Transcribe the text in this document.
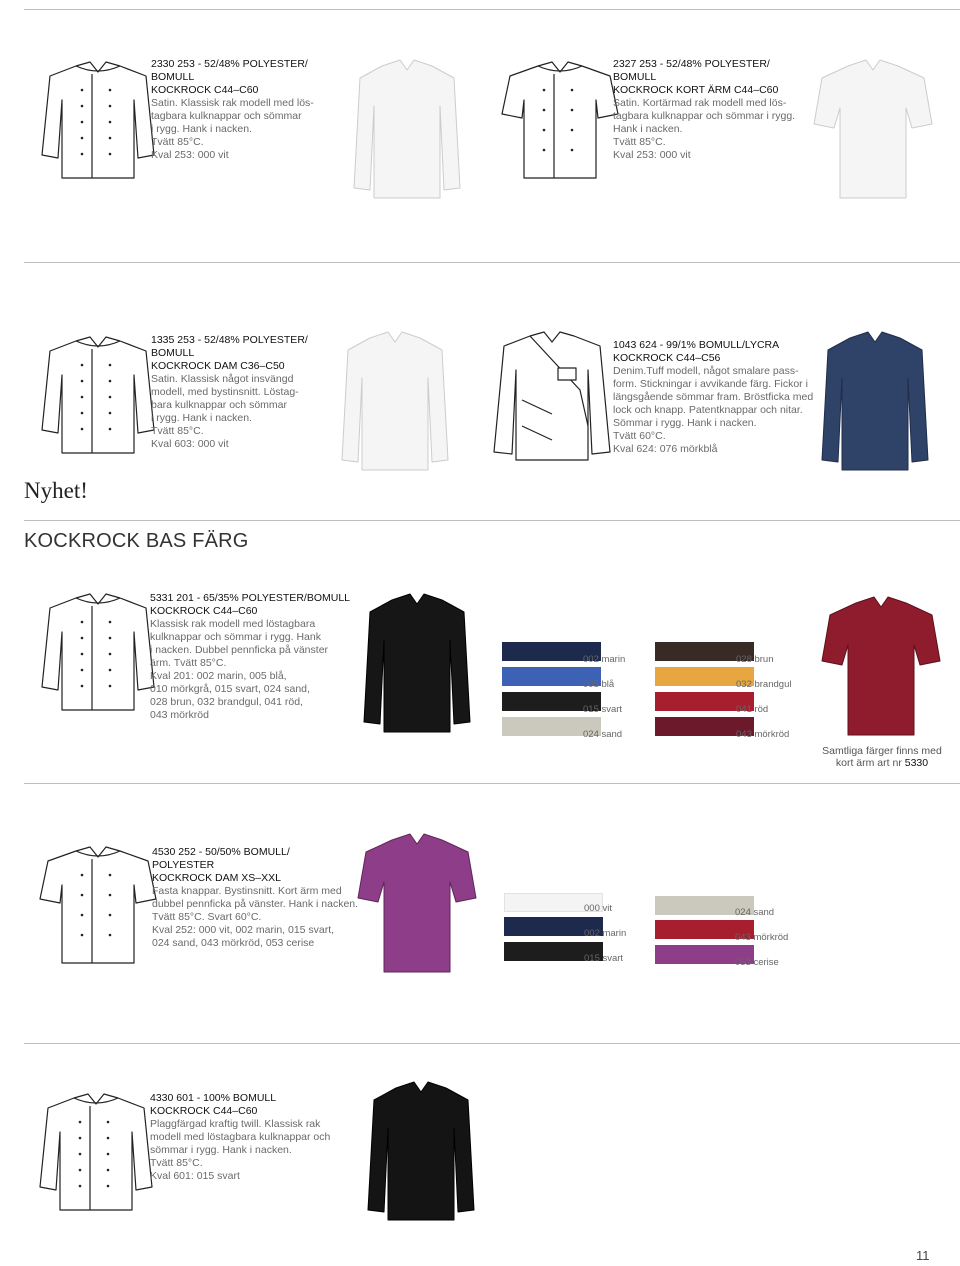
2330 253 - 52/48% POLYESTER/
BOMULL
KOCKROCK C44–C60
Satin. Klassisk rak modell med lös-
tagbara kulknappar och sömmar
i rygg. Hank i nacken.
Tvätt 85°C.
Kval 253: 000 vit
2327 253 - 52/48% POLYESTER/
BOMULL
KOCKROCK KORT ÄRM C44–C60
Satin. Kortärmad rak modell med lös-
tagbara kulknappar och sömmar i rygg.
Hank i nacken.
Tvätt 85°C.
Kval 253: 000 vit
1335 253 - 52/48% POLYESTER/
BOMULL
KOCKROCK DAM C36–C50
Satin. Klassisk något insvängd
modell, med bystinsnitt. Löstag-
bara kulknappar och sömmar
i rygg. Hank i nacken.
Tvätt 85°C.
Kval 603: 000 vit
1043 624 - 99/1% BOMULL/LYCRA
KOCKROCK C44–C56
Denim.Tuff modell, något smalare pass-
form. Stickningar i avvikande färg. Fickor i
längsgående sömmar fram. Bröstficka med
lock och knapp. Patentknappar och nitar.
Sömmar i rygg. Hank i nacken.
Tvätt 60°C.
Kval 624: 076 mörkblå
Nyhet!
KOCKROCK BAS FÄRG
5331 201 - 65/35% POLYESTER/BOMULL
KOCKROCK C44–C60
Klassisk rak modell med löstagbara
kulknappar och sömmar i rygg. Hank
i nacken. Dubbel pennficka på vänster
ärm. Tvätt 85°C.
Kval 201: 002 marin, 005 blå,
010 mörkgrå, 015 svart, 024 sand,
028 brun, 032 brandgul, 041 röd,
043 mörkröd
002 marin
005 blå
015 svart
024 sand
028 brun
032 brandgul
041 röd
043 mörkröd
Samtliga färger finns med kort ärm art nr 5330
4530 252 - 50/50% BOMULL/
POLYESTER
KOCKROCK DAM XS–XXL
Fasta knappar. Bystinsnitt. Kort ärm med
dubbel pennficka på vänster. Hank i nacken.
Tvätt 85°C. Svart 60°C.
Kval 252: 000 vit, 002 marin, 015 svart,
024 sand, 043 mörkröd, 053 cerise
000 vit
002 marin
015 svart
024 sand
043 mörkröd
053 cerise
4330 601 - 100% BOMULL
KOCKROCK C44–C60
Plaggfärgad kraftig twill. Klassisk rak
modell med löstagbara kulknappar och
sömmar i rygg. Hank i nacken.
Tvätt 85°C.
Kval 601: 015 svart
11
